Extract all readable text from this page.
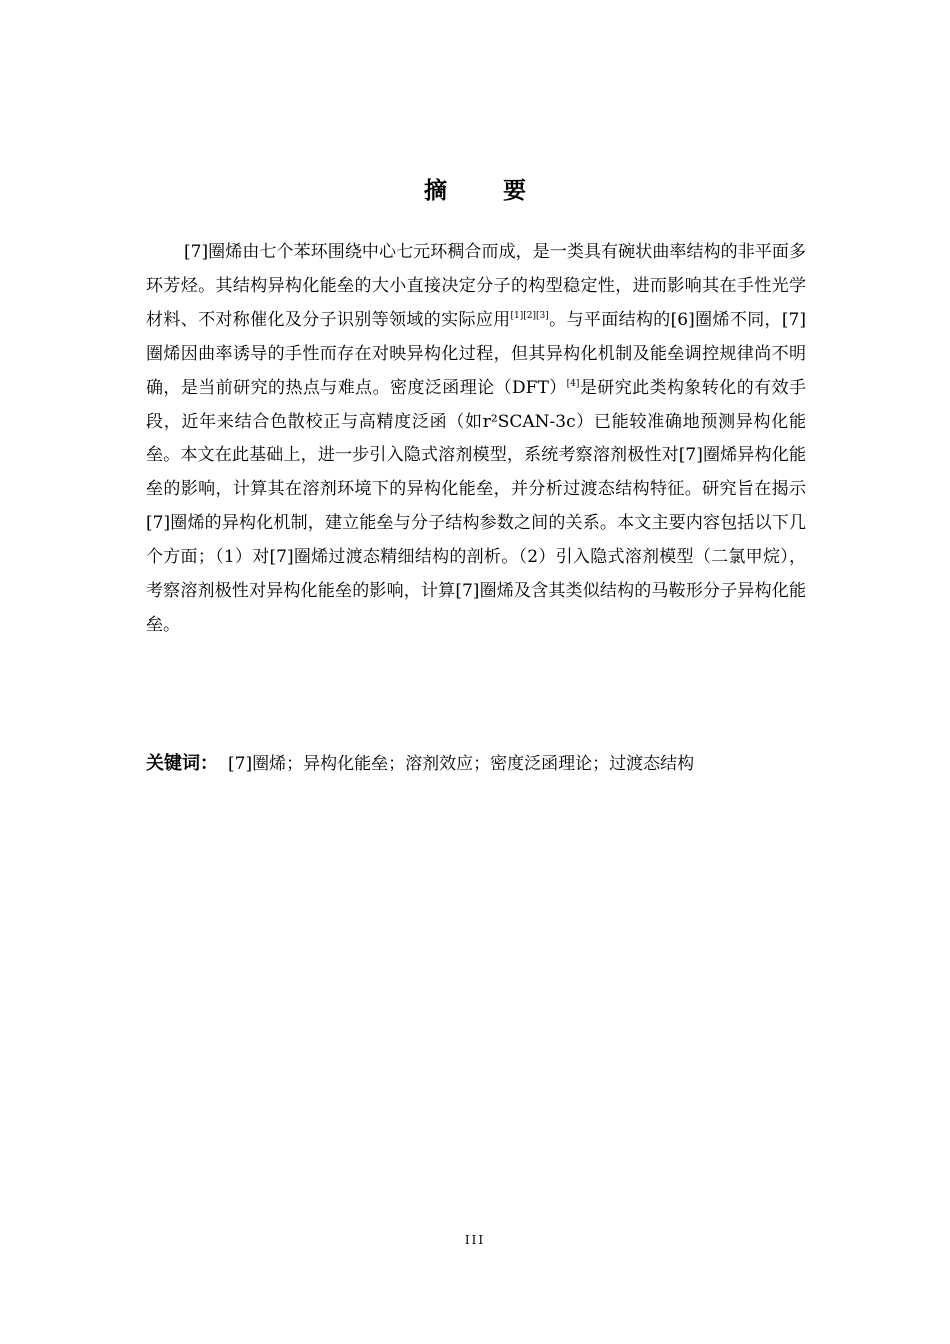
摘 要

[7]圈烯由七个苯环围绕中心七元环稠合而成，是一类具有碗状曲率结构的非平面多环芳烃。其结构异构化能垒的大小直接决定分子的构型稳定性，进而影响其在手性光学材料、不对称催化及分子识别等领域的实际应用[1][2][3]。与平面结构的[6]圈烯不同，[7]圈烯因曲率诱导的手性而存在对映异构化过程，但其异构化机制及能垒调控规律尚不明确，是当前研究的热点与难点。密度泛函理论（DFT）[4]是研究此类构象转化的有效手段，近年来结合色散校正与高精度泛函（如r²SCAN-3c）已能较准确地预测异构化能垒。本文在此基础上，进一步引入隐式溶剂模型，系统考察溶剂极性对[7]圈烯异构化能垒的影响，计算其在溶剂环境下的异构化能垒，并分析过渡态结构特征。研究旨在揭示[7]圈烯的异构化机制，建立能垒与分子结构参数之间的关系。本文主要内容包括以下几个方面；（1）对[7]圈烯过渡态精细结构的剖析。（2）引入隐式溶剂模型（二氯甲烷），考察溶剂极性对异构化能垒的影响，计算[7]圈烯及含其类似结构的马鞍形分子异构化能垒。

关键词： [7]圈烯；异构化能垒；溶剂效应；密度泛函理论；过渡态结构
III
